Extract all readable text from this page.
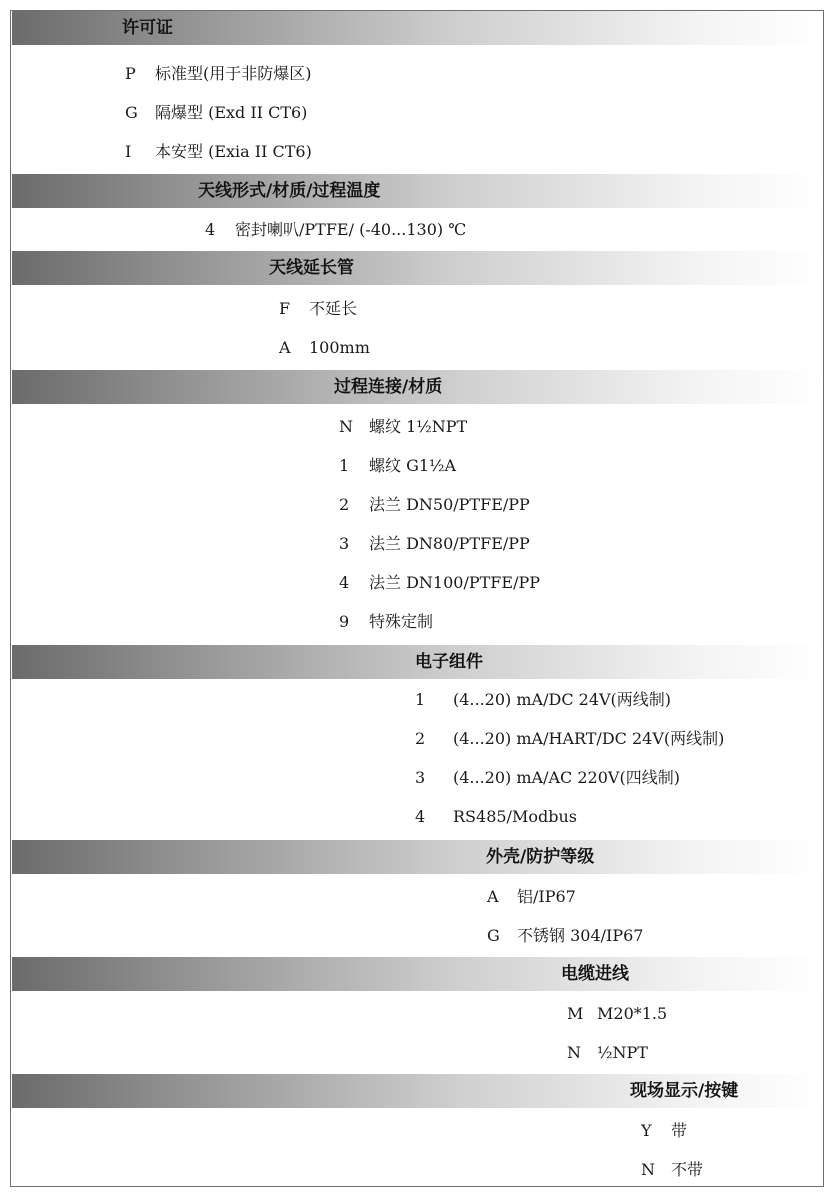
许可证
P 标准型(用于非防爆区)
G 隔爆型 (Exd II CT6)
I 本安型 (Exia II CT6)
天线形式/材质/过程温度
4 密封喇叭/PTFE/ (-40...130) ℃
天线延长管
F 不延长
A 100mm
过程连接/材质
N 螺纹 1½NPT
1 螺纹 G1½A
2 法兰 DN50/PTFE/PP
3 法兰 DN80/PTFE/PP
4 法兰 DN100/PTFE/PP
9 特殊定制
电子组件
1 (4...20) mA/DC 24V(两线制)
2 (4...20) mA/HART/DC 24V(两线制)
3 (4...20) mA/AC 220V(四线制)
4 RS485/Modbus
外壳/防护等级
A 铝/IP67
G 不锈钢 304/IP67
电缆进线
M M20*1.5
N ½NPT
现场显示/按键
Y 带
N 不带
